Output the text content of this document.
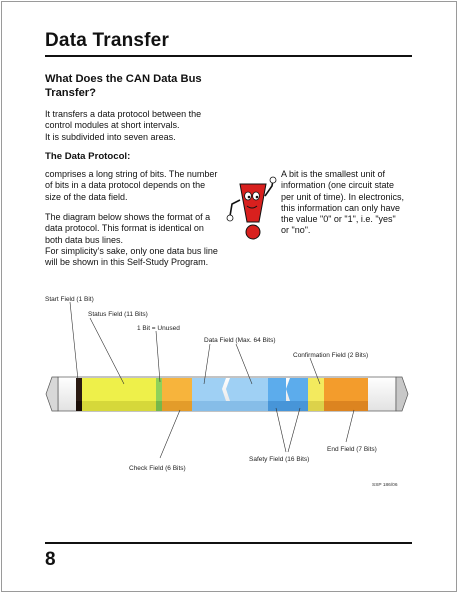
Data Transfer
What Does the CAN Data Bus Transfer?
It transfers a data protocol between the
control modules at short intervals.
It is subdivided into seven areas.
The Data Protocol:
comprises a long string of bits. The number
of bits in a data protocol depends on the
size of the data field.
The diagram below shows the format of a
data protocol. This format is identical on
both data bus lines.
For simplicity’s sake, only one data bus line
will be shown in this Self-Study Program.
A bit is the smallest unit of
information (one circuit state
per unit of time). In electronics,
this information can only have
the value "0" or "1", i.e. "yes"
or "no".
Start Field (1 Bit)
Status Field (11 Bits)
1 Bit = Unused
Data Field (Max. 64 Bits)
Confirmation Field (2 Bits)
Check Field (6 Bits)
Safety Field (16 Bits)
End Field (7 Bits)
SSP 186/06
8
